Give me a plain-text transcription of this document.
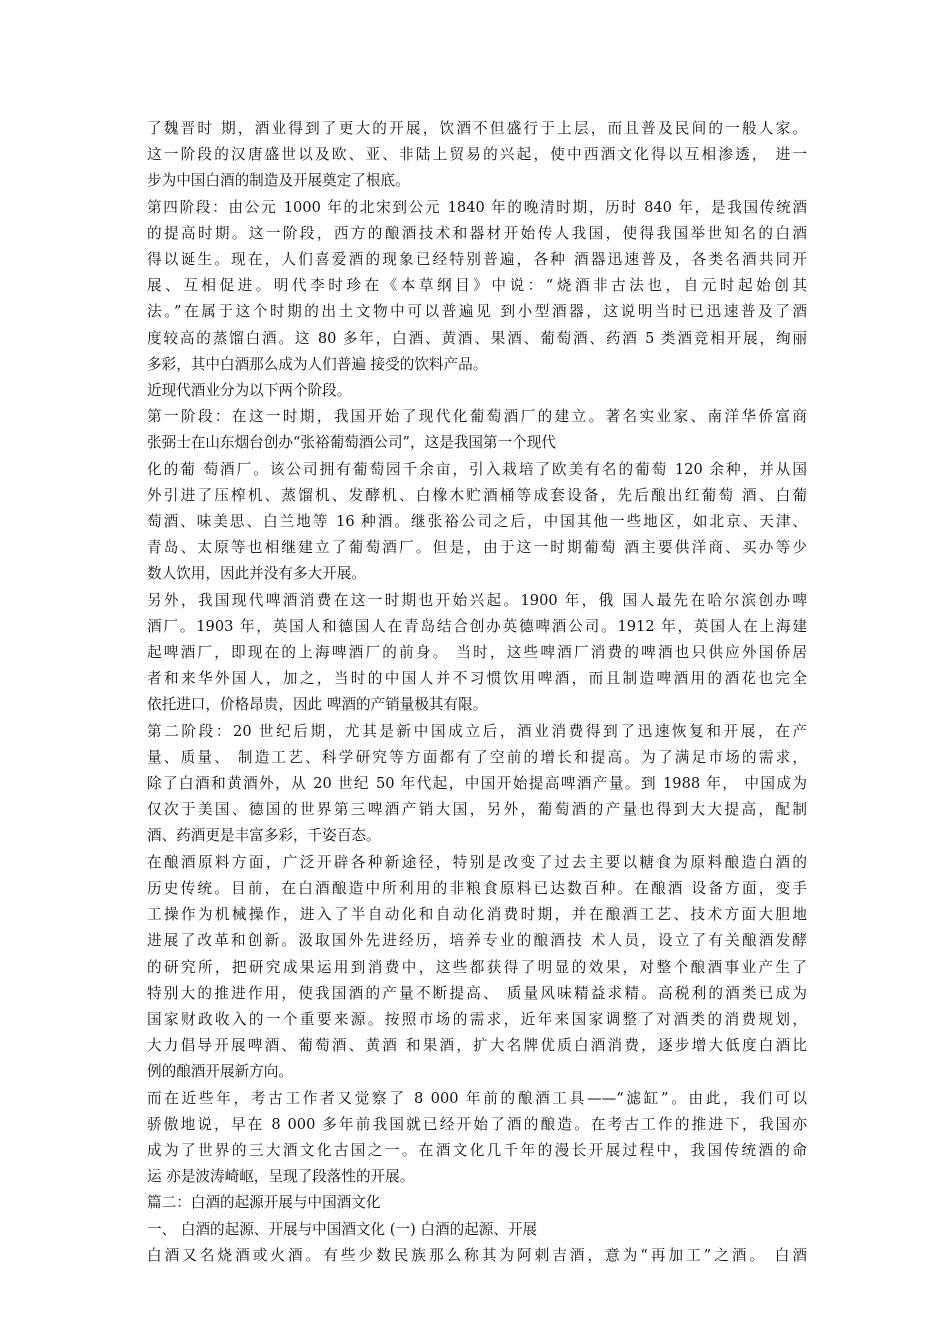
了魏晋时 期，酒业得到了更大的开展，饮酒不但盛行于上层，而且普及民间的一般人家。
这一阶段的汉唐盛世以及欧、亚、非陆上贸易的兴起，使中西酒文化得以互相渗透， 进一
步为中国白酒的制造及开展奠定了根底。
第四阶段：由公元 1000 年的北宋到公元 1840 年的晚清时期，历时 840 年，是我国传统酒
的提高时期。这一阶段，西方的酿酒技术和器材开始传人我国，使得我国举世知名的白酒
得以诞生。现在，人们喜爱酒的现象已经特别普遍，各种 酒器迅速普及，各类名酒共同开
展、互相促进。明代李时珍在《本草纲目》中说：“烧酒非古法也，自元时起始创其
法。”在属于这个时期的出土文物中可以普遍见 到小型酒器，这说明当时已迅速普及了酒
度较高的蒸馏白酒。这 80 多年，白酒、黄酒、果酒、葡萄酒、药酒 5 类酒竞相开展，绚丽
多彩，其中白酒那么成为人们普遍 接受的饮料产品。
近现代酒业分为以下两个阶段。
第一阶段：在这一时期，我国开始了现代化葡萄酒厂的建立。著名实业家、南洋华侨富商
张弼士在山东烟台创办“张裕葡萄酒公司”，这是我国第一个现代
化的葡 萄酒厂。该公司拥有葡萄园千余亩，引入栽培了欧美有名的葡萄 120 余种，并从国
外引进了压榨机、蒸馏机、发酵机、白橡木贮酒桶等成套设备，先后酿出红葡萄 酒、白葡
萄酒、味美思、白兰地等 16 种酒。继张裕公司之后，中国其他一些地区，如北京、天津、
青岛、太原等也相继建立了葡萄酒厂。但是，由于这一时期葡萄 酒主要供洋商、买办等少
数人饮用，因此并没有多大开展。
另外，我国现代啤酒消费在这一时期也开始兴起。1900 年，俄 国人最先在哈尔滨创办啤
酒厂。1903 年，英国人和德国人在青岛结合创办英德啤酒公司。1912 年，英国人在上海建
起啤酒厂，即现在的上海啤酒厂的前身。 当时，这些啤酒厂消费的啤酒也只供应外国侨居
者和来华外国人，加之，当时的中国人并不习惯饮用啤酒，而且制造啤酒用的酒花也完全
依托进口，价格昂贵，因此 啤酒的产销量极其有限。
第二阶段：20 世纪后期，尤其是新中国成立后，酒业消费得到了迅速恢复和开展，在产
量、质量、 制造工艺、科学研究等方面都有了空前的增长和提高。为了满足市场的需求，
除了白酒和黄酒外，从 20 世纪 50 年代起，中国开始提高啤酒产量。到 1988 年， 中国成为
仅次于美国、德国的世界第三啤酒产销大国，另外，葡萄酒的产量也得到大大提高，配制
酒、药酒更是丰富多彩，千姿百态。
在酿酒原料方面，广泛开辟各种新途径，特别是改变了过去主要以糖食为原料酿造白酒的
历史传统。目前，在白酒酿造中所利用的非粮食原料已达数百种。在酿酒 设备方面，变手
工操作为机械操作，进入了半自动化和自动化消费时期，并在酿酒工艺、技术方面大胆地
进展了改革和创新。汲取国外先进经历，培养专业的酿酒技 术人员，设立了有关酿酒发酵
的研究所，把研究成果运用到消费中，这些都获得了明显的效果，对整个酿酒事业产生了
特别大的推进作用，使我国酒的产量不断提高、 质量风味精益求精。高税利的酒类已成为
国家财政收入的一个重要来源。按照市场的需求，近年来国家调整了对酒类的消费规划，
大力倡导开展啤酒、葡萄酒、黄酒 和果酒，扩大名牌优质白酒消费，逐步增大低度白酒比
例的酿酒开展新方向。
而在近些年，考古工作者又觉察了 8 000 年前的酿酒工具——“滤缸”。由此，我们可以
骄傲地说，早在 8 000 多年前我国就已经开始了酒的酿造。在考古工作的推进下，我国亦
成为了世界的三大酒文化古国之一。在酒文化几千年的漫长开展过程中，我国传统酒的命
运 亦是波涛崎岖，呈现了段落性的开展。
篇二：白酒的起源开展与中国酒文化
一、 白酒的起源、开展与中国酒文化 (一) 白酒的起源、开展
白酒又名烧酒或火酒。有些少数民族那么称其为阿剌吉酒，意为“再加工”之酒。 白酒
